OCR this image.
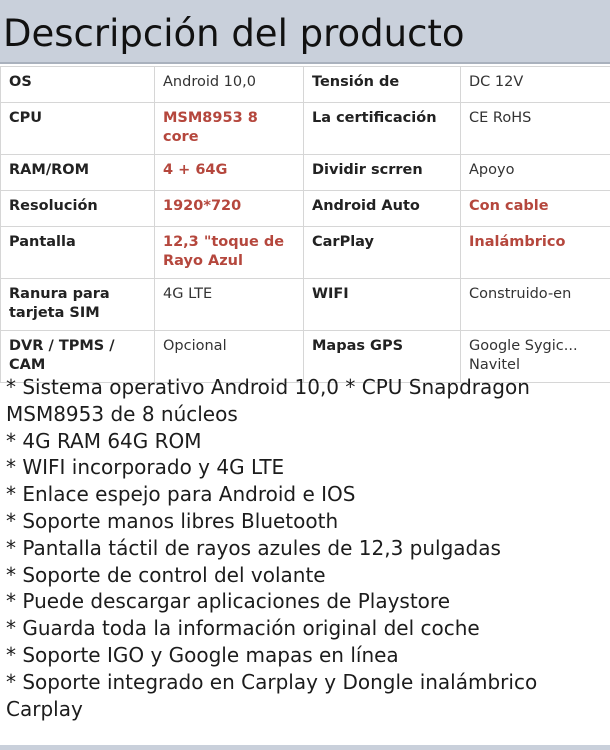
Descripción del producto
OS	Android 10,0	Tensión de	DC 12V
CPU	MSM8953 8 core	La certificación	CE RoHS
RAM/ROM	4 + 64G	Dividir scrren	Apoyo
Resolución	1920*720	Android Auto	Con cable
Pantalla	12,3 "toque de Rayo Azul	CarPlay	Inalámbrico
Ranura para tarjeta SIM	4G LTE	WIFI	Construido-en
DVR / TPMS / CAM	Opcional	Mapas GPS	Google Sygic... Navitel

* Sistema operativo Android 10,0 * CPU Snapdragon MSM8953 de 8 núcleos

* 4G RAM 64G ROM

* WIFI incorporado y 4G LTE

* Enlace espejo para Android e IOS

* Soporte manos libres Bluetooth

* Pantalla táctil de rayos azules de 12,3 pulgadas

* Soporte de control del volante

* Puede descargar aplicaciones de Playstore

* Guarda toda la información original del coche

* Soporte IGO y Google mapas en línea

* Soporte integrado en Carplay y Dongle inalámbrico Carplay
